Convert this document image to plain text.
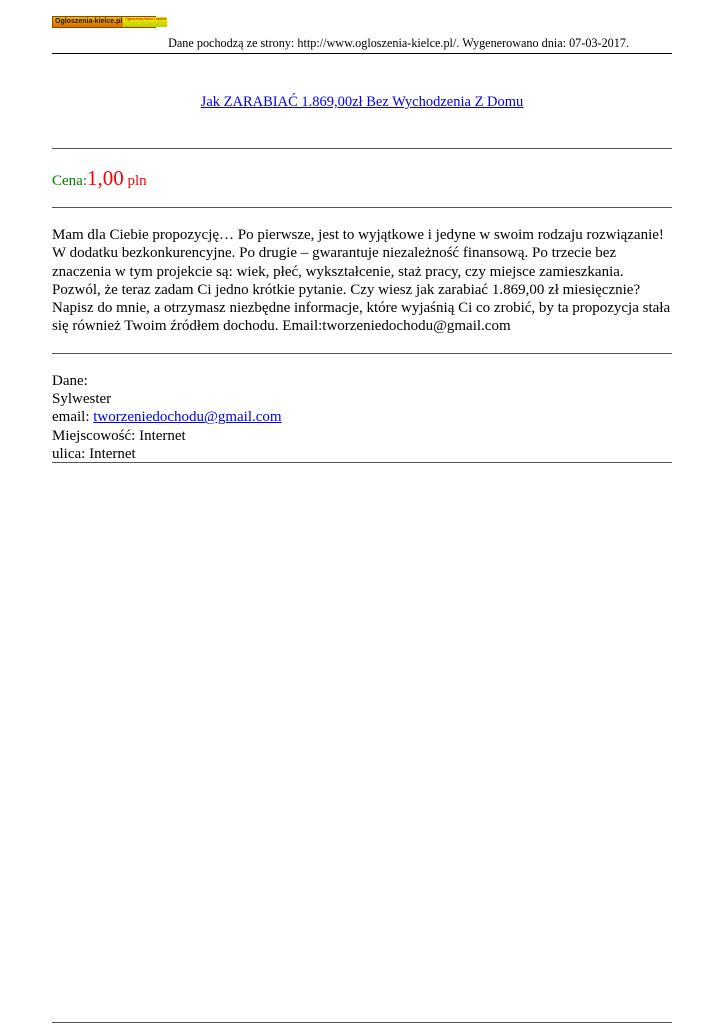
Ogloszenia-kielce.pl Ogłoszenia Kielce i okolice
Dane pochodzą ze strony: http://www.ogloszenia-kielce.pl/. Wygenerowano dnia: 07-03-2017.
Jak ZARABIAĆ 1.869,00zł Bez Wychodzenia Z Domu
Cena:1,00 pln
Mam dla Ciebie propozycję… Po pierwsze, jest to wyjątkowe i jedyne w swoim rodzaju rozwiązanie! W dodatku bezkonkurencyjne. Po drugie – gwarantuje niezależność finansową. Po trzecie bez znaczenia w tym projekcie są: wiek, płeć, wykształcenie, staż pracy, czy miejsce zamieszkania. Pozwól, że teraz zadam Ci jedno krótkie pytanie. Czy wiesz jak zarabiać 1.869,00 zł miesięcznie? Napisz do mnie, a otrzymasz niezbędne informacje, które wyjaśnią Ci co zrobić, by ta propozycja stała się również Twoim źródłem dochodu. Email:tworzeniedochodu@gmail.com
Dane:
Sylwester
email: tworzeniedochodu@gmail.com
Miejscowość: Internet
ulica: Internet
